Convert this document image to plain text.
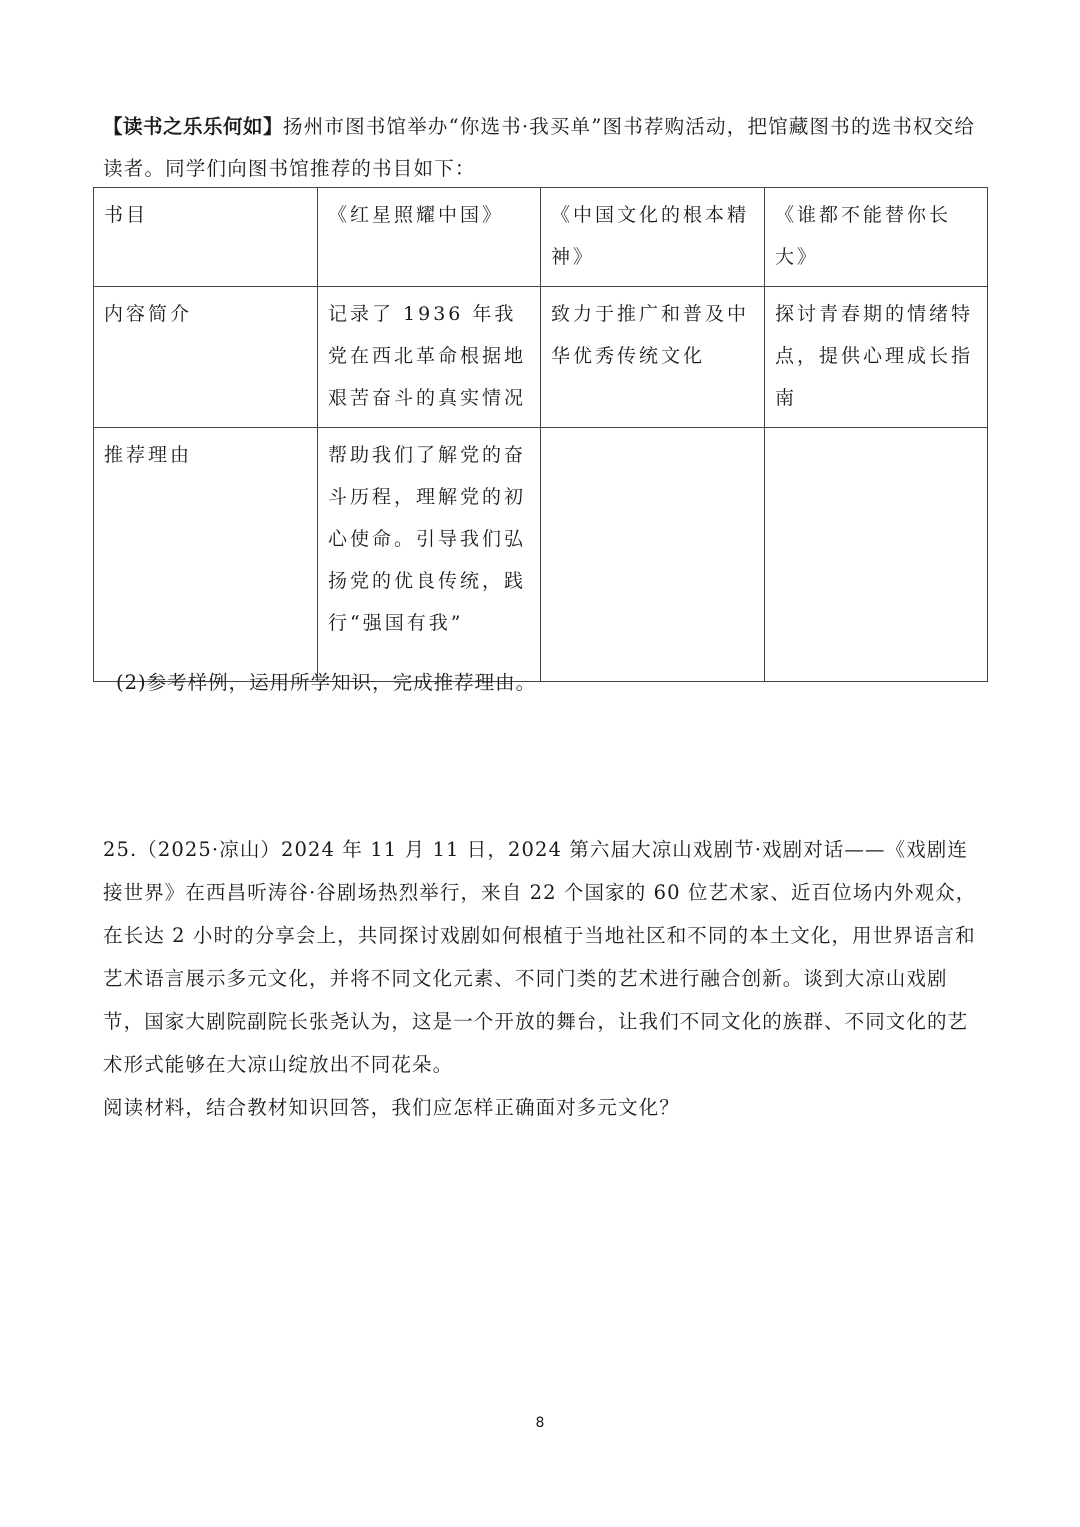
【读书之乐乐何如】扬州市图书馆举办“你选书·我买单”图书荐购活动，把馆藏图书的选书权交给读者。同学们向图书馆推荐的书目如下：
书目	《红星照耀中国》	《中国文化的根本精神》	《谁都不能替你长大》
内容简介	记录了 1936 年我党在西北革命根据地艰苦奋斗的真实情况	致力于推广和普及中华优秀传统文化	探讨青春期的情绪特点，提供心理成长指南
推荐理由	帮助我们了解党的奋斗历程，理解党的初心使命。引导我们弘扬党的优良传统，践行“强国有我”		
(2)参考样例，运用所学知识，完成推荐理由。
25.（2025·凉山）2024 年 11 月 11 日，2024 第六届大凉山戏剧节·戏剧对话——《戏剧连接世界》在西昌听涛谷·谷剧场热烈举行，来自 22 个国家的 60 位艺术家、近百位场内外观众，在长达 2 小时的分享会上，共同探讨戏剧如何根植于当地社区和不同的本土文化，用世界语言和艺术语言展示多元文化，并将不同文化元素、不同门类的艺术进行融合创新。谈到大凉山戏剧节，国家大剧院副院长张尧认为，这是一个开放的舞台，让我们不同文化的族群、不同文化的艺术形式能够在大凉山绽放出不同花朵。
阅读材料，结合教材知识回答，我们应怎样正确面对多元文化？
8
